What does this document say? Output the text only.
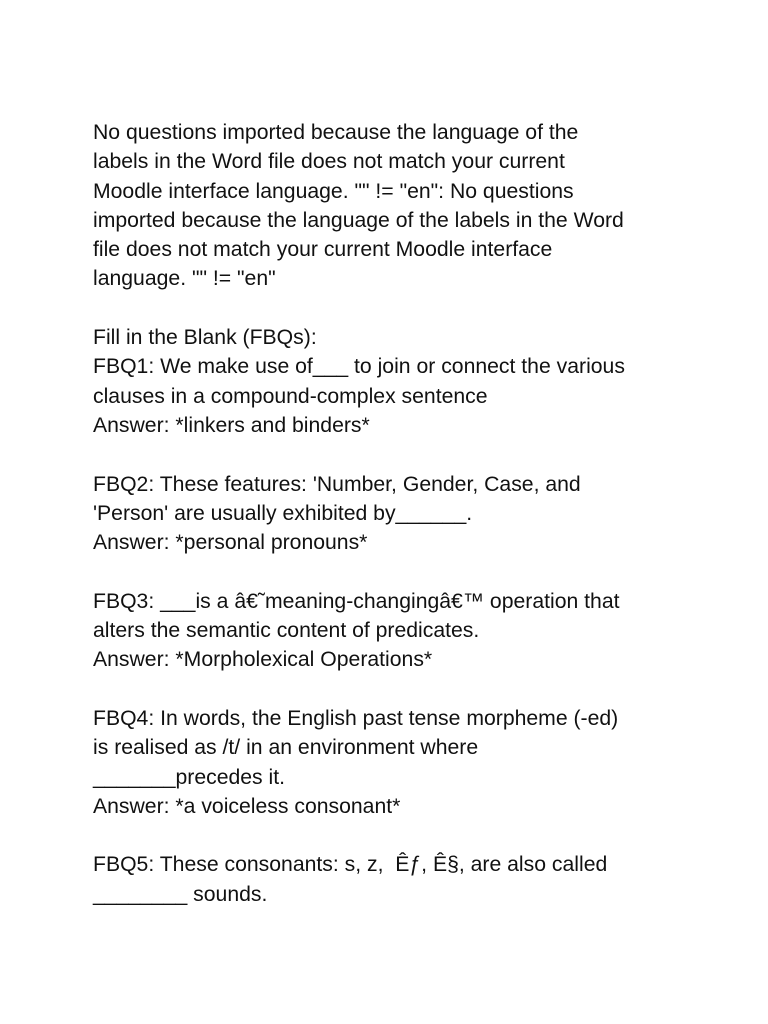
No questions imported because the language of the
labels in the Word file does not match your current
Moodle interface language. "" != "en": No questions
imported because the language of the labels in the Word
file does not match your current Moodle interface
language. "" != "en"
Fill in the Blank (FBQs):
FBQ1: We make use of___ to join or connect the various
clauses in a compound-complex sentence
Answer: *linkers and binders*
FBQ2: These features: 'Number, Gender, Case, and
'Person' are usually exhibited by______.
Answer: *personal pronouns*
FBQ3: ___is a â€˜meaning-changingâ€™ operation that
alters the semantic content of predicates.
Answer: *Morpholexical Operations*
FBQ4: In words, the English past tense morpheme (-ed)
is realised as /t/ in an environment where
_______precedes it.
Answer: *a voiceless consonant*
FBQ5: These consonants: s, z,  Êƒ, Ê§, are also called
________ sounds.
